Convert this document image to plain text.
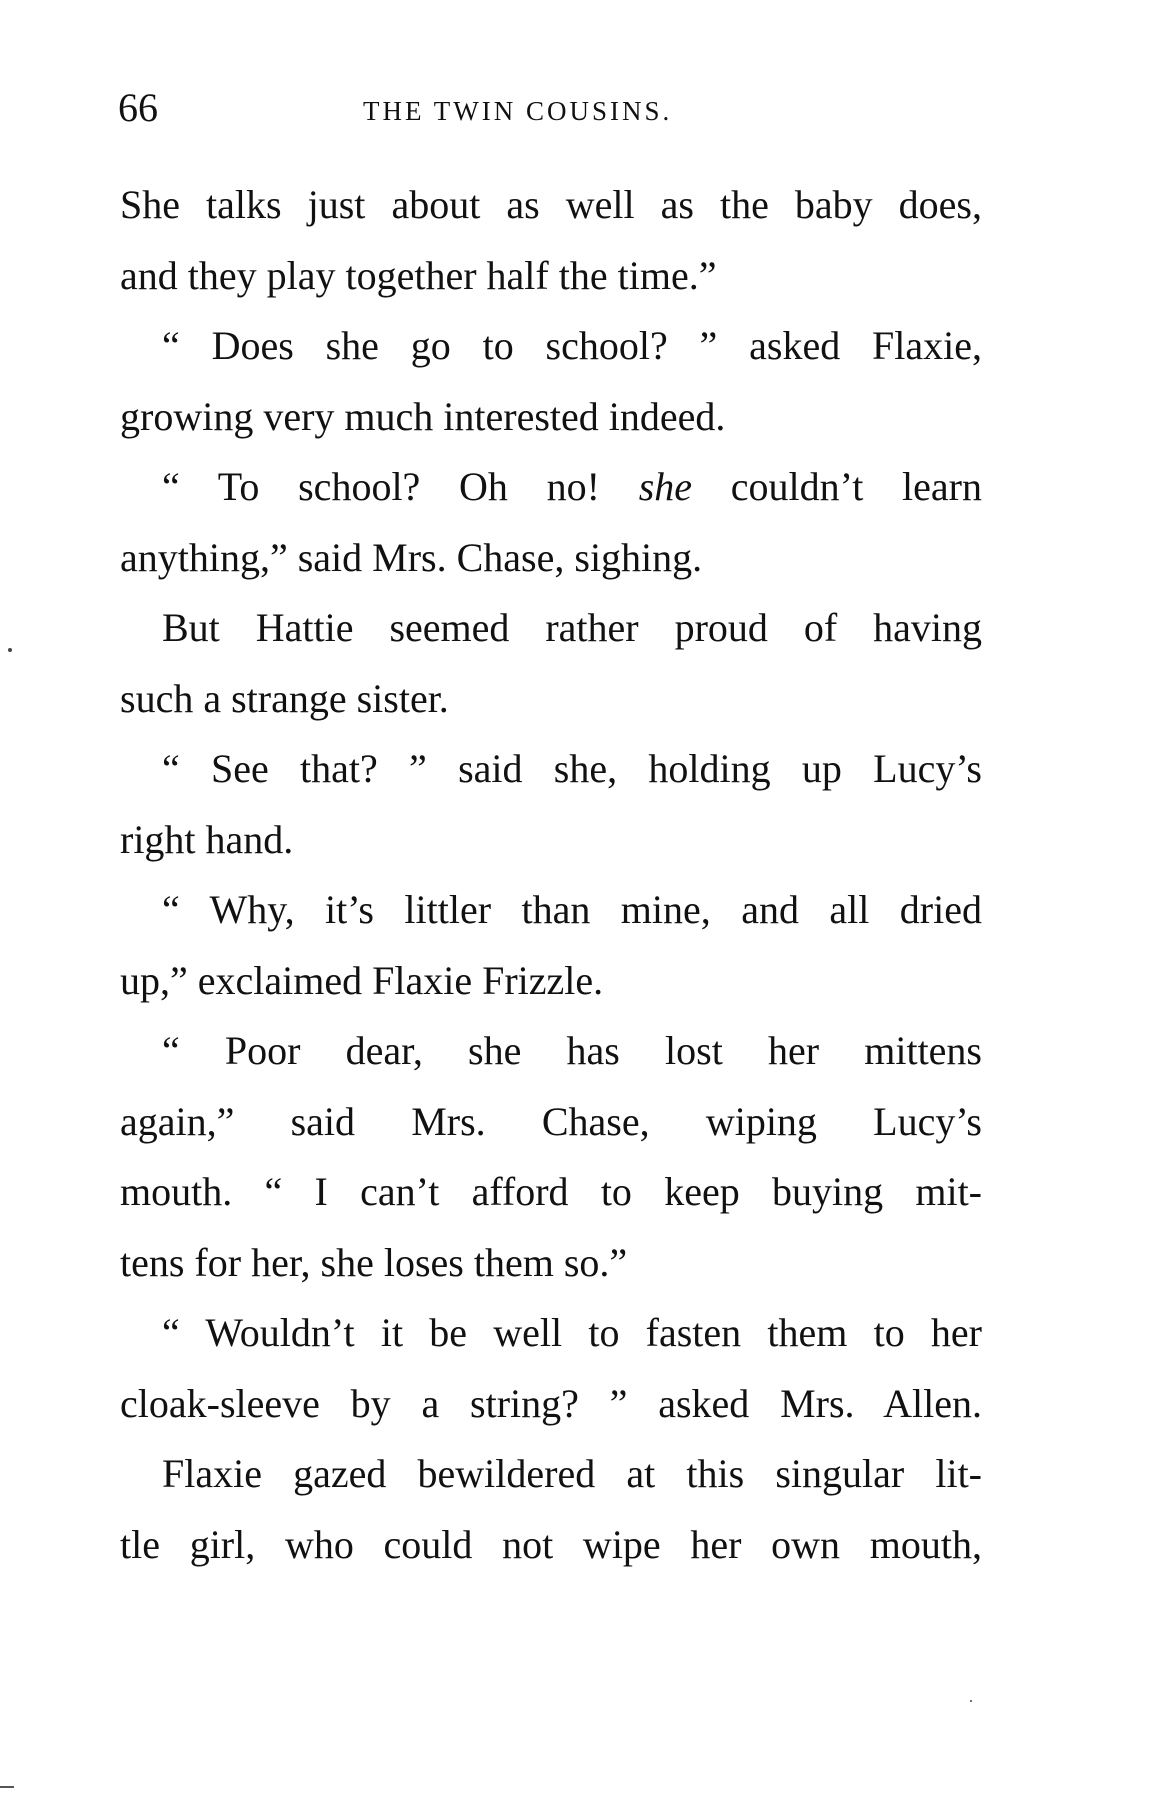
66	THE TWIN COUSINS.
She talks just about as well as the baby does,
and they play together half the time.”
“ Does she go to school? ” asked Flaxie,
growing very much interested indeed.
“ To school? Oh no! she couldn’t learn
anything,” said Mrs. Chase, sighing.
But Hattie seemed rather proud of having
such a strange sister.
“ See that? ” said she, holding up Lucy’s
right hand.
“ Why, it’s littler than mine, and all dried
up,” exclaimed Flaxie Frizzle.
“ Poor dear, she has lost her mittens
again,” said Mrs. Chase, wiping Lucy’s
mouth. “ I can’t afford to keep buying mit-
tens for her, she loses them so.”
“ Wouldn’t it be well to fasten them to her
cloak-sleeve by a string? ” asked Mrs. Allen.
Flaxie gazed bewildered at this singular lit-
tle girl, who could not wipe her own mouth,
